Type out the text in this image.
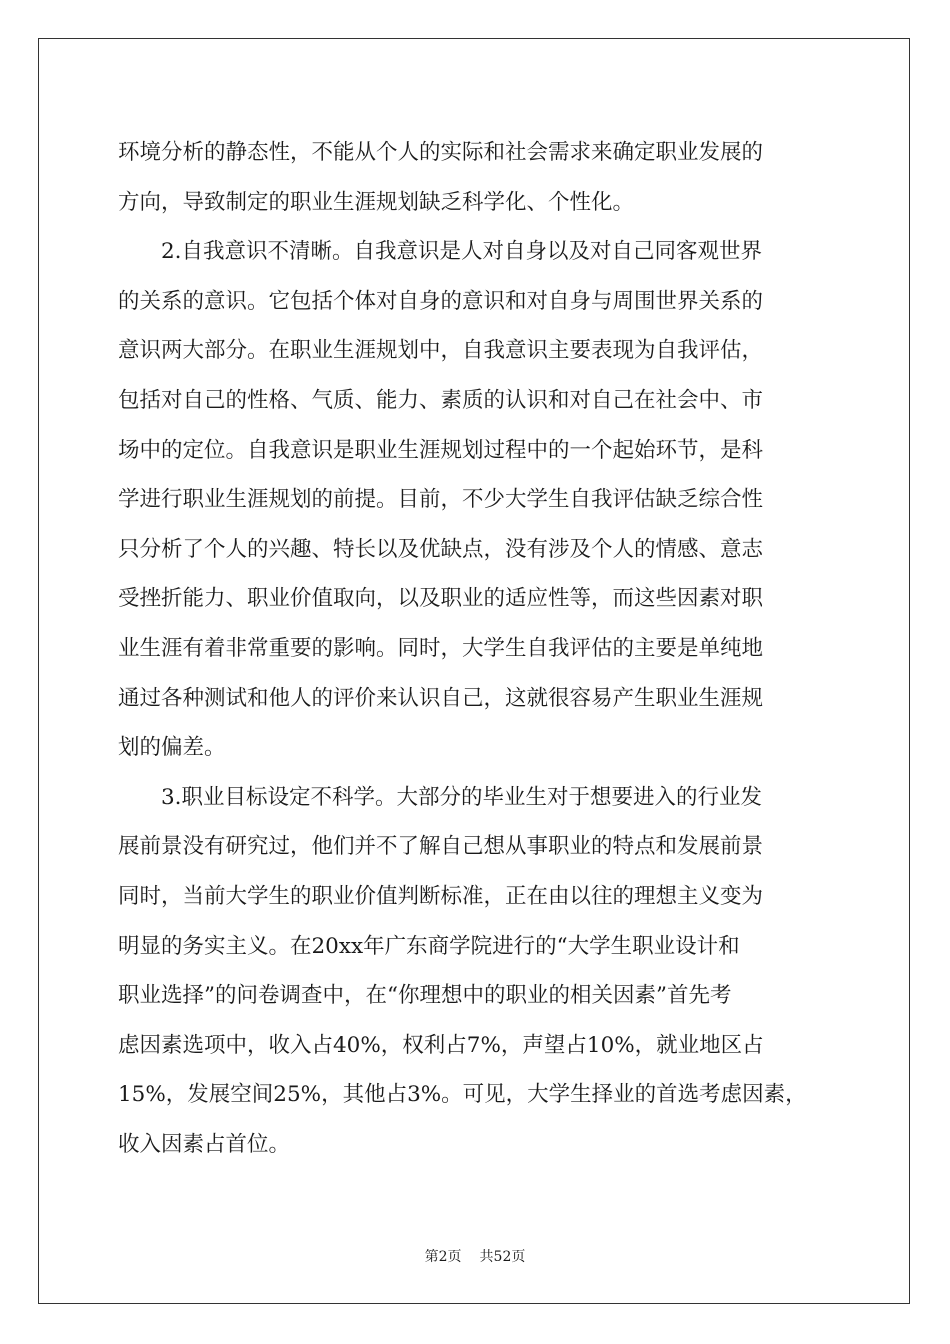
环境分析的静态性，不能从个人的实际和社会需求来确定职业发展的
方向，导致制定的职业生涯规划缺乏科学化、个性化。
2.自我意识不清晰。自我意识是人对自身以及对自己同客观世界
的关系的意识。它包括个体对自身的意识和对自身与周围世界关系的
意识两大部分。在职业生涯规划中，自我意识主要表现为自我评估，
包括对自己的性格、气质、能力、素质的认识和对自己在社会中、市
场中的定位。自我意识是职业生涯规划过程中的一个起始环节，是科
学进行职业生涯规划的前提。目前，不少大学生自我评估缺乏综合性
只分析了个人的兴趣、特长以及优缺点，没有涉及个人的情感、意志
受挫折能力、职业价值取向，以及职业的适应性等，而这些因素对职
业生涯有着非常重要的影响。同时，大学生自我评估的主要是单纯地
通过各种测试和他人的评价来认识自己，这就很容易产生职业生涯规
划的偏差。
3.职业目标设定不科学。大部分的毕业生对于想要进入的行业发
展前景没有研究过，他们并不了解自己想从事职业的特点和发展前景
同时，当前大学生的职业价值判断标准，正在由以往的理想主义变为
明显的务实主义。在20xx年广东商学院进行的“大学生职业设计和
职业选择”的问卷调查中，在“你理想中的职业的相关因素”首先考
虑因素选项中，收入占40%，权利占7%，声望占10%，就业地区占
15%，发展空间25%，其他占3%。可见，大学生择业的首选考虑因素，
收入因素占首位。
第2页 共52页
